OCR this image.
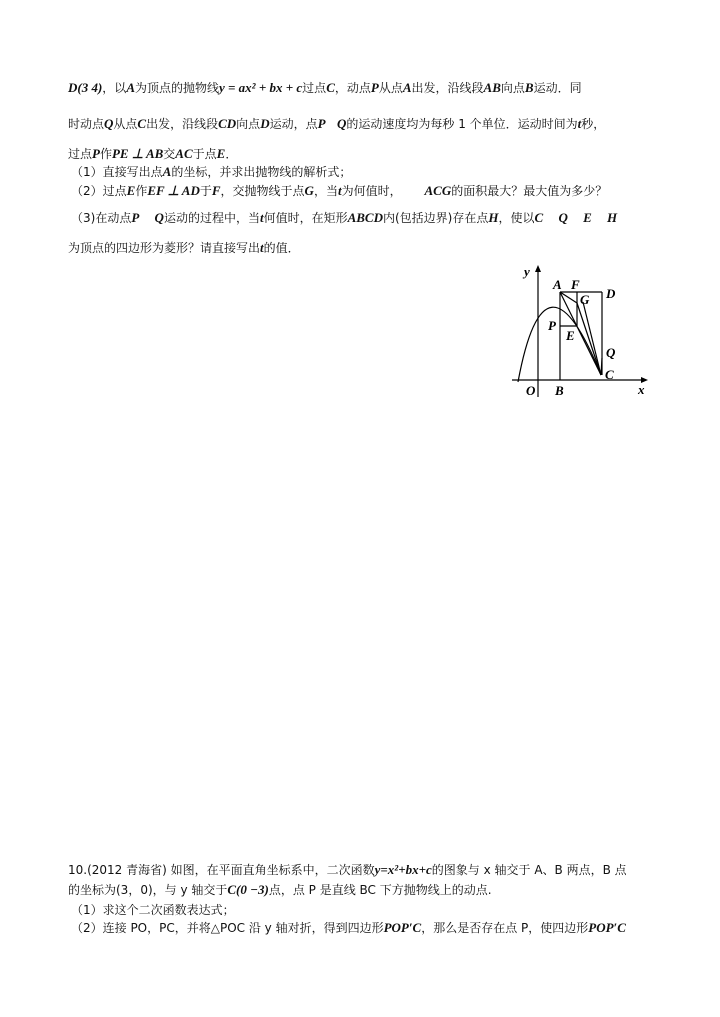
D(3 4)，以A为顶点的抛物线y = ax² + bx + c过点C，动点P从点A出发，沿线段AB向点B运动．同
时动点Q从点C出发，沿线段CD向点D运动，点P Q的运动速度均为每秒 1 个单位．运动时间为t秒，
过点P作PE ⊥ AB交AC于点E．
（1）直接写出点A的坐标，并求出抛物线的解析式；
（2）过点E作EF ⊥ AD于F，交抛物线于点G，当t为何值时， ACG的面积最大？最大值为多少？
（3)在动点P Q运动的过程中，当t何值时，在矩形ABCD内(包括边界)存在点H，使以C Q E H
为顶点的四边形为菱形？请直接写出t的值．
y
x
O B
C
A F
G D
P
E
Q
10.(2012 青海省) 如图，在平面直角坐标系中，二次函数y=x²+bx+c的图象与 x 轴交于 A、B 两点，B 点
的坐标为(3，0)，与 y 轴交于C(0 −3)点，点 P 是直线 BC 下方抛物线上的动点.
（1）求这个二次函数表达式；
（2）连接 PO，PC，并将△POC 沿 y 轴对折，得到四边形POP′C，那么是否存在点 P，使四边形POP′C
